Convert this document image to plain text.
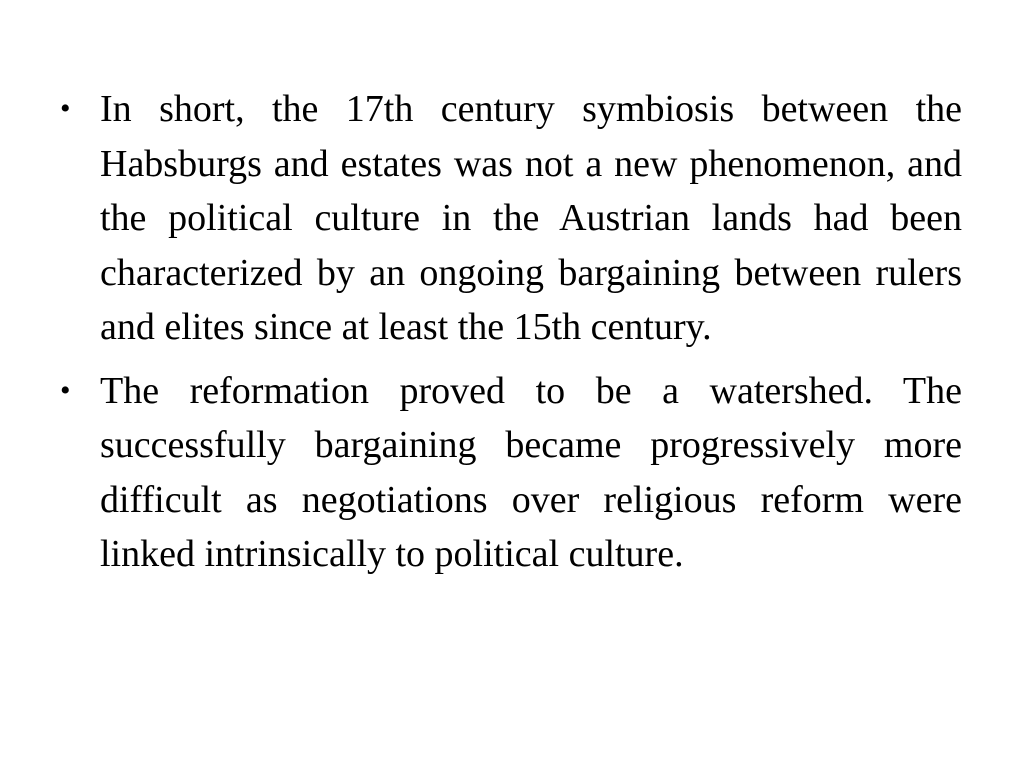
• In short, the 17th century symbiosis between the Habsburgs and estates was not a new phenomenon, and the political culture in the Austrian lands had been characterized by an ongoing bargaining between rulers and elites since at least the 15th century.
• The reformation proved to be a watershed. The successfully bargaining became progressively more difficult as negotiations over religious reform were linked intrinsically to political culture.
